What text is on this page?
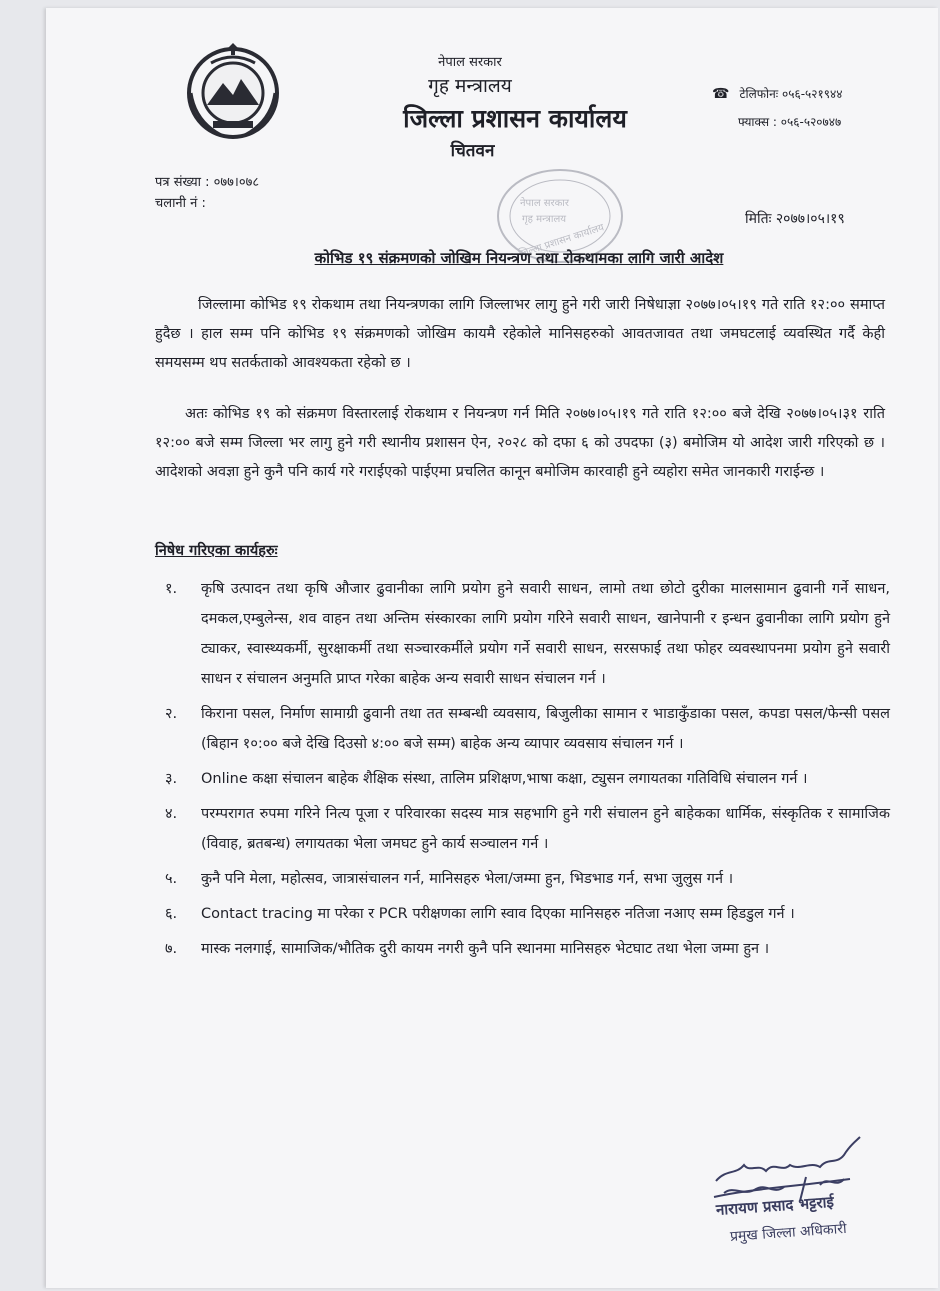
नेपाल सरकार
गृह मन्त्रालय
जिल्ला प्रशासन कार्यालय
चितवन
☎ टेलिफोनः ०५६-५२१९४४
फ्याक्स : ०५६-५२०७४७
पत्र संख्या : ०७७।०७८
चलानी नं :
मितिः २०७७।०५।१९
नेपाल सरकार
गृह मन्त्रालय
जिल्ला प्रशासन कार्यालय
कोभिड १९ संक्रमणको जोखिम नियन्त्रण तथा रोकथामका लागि जारी आदेश
जिल्लामा कोभिड १९ रोकथाम तथा नियन्त्रणका लागि जिल्लाभर लागु हुने गरी जारी निषेधाज्ञा २०७७।०५।१९ गते राति १२:०० समाप्त हुदैछ । हाल सम्म पनि कोभिड १९ संक्रमणको जोखिम कायमै रहेकोले मानिसहरुको आवतजावत तथा जमघटलाई व्यवस्थित गर्दै केही समयसम्म थप सतर्कताको आवश्यकता रहेको छ ।
अतः कोभिड १९ को संक्रमण विस्तारलाई रोकथाम र नियन्त्रण गर्न मिति २०७७।०५।१९ गते राति १२:०० बजे देखि २०७७।०५।३१ राति १२:०० बजे सम्म जिल्ला भर लागु हुने गरी स्थानीय प्रशासन ऐन, २०२८ को दफा ६ को उपदफा (३) बमोजिम यो आदेश जारी गरिएको छ । आदेशको अवज्ञा हुने कुनै पनि कार्य गरे गराईएको पाईएमा प्रचलित कानून बमोजिम कारवाही हुने व्यहोरा समेत जानकारी गराईन्छ ।
निषेध गरिएका कार्यहरुः
१.	कृषि उत्पादन तथा कृषि औजार ढुवानीका लागि प्रयोग हुने सवारी साधन, लामो तथा छोटो दुरीका मालसामान ढुवानी गर्ने साधन, दमकल,एम्बुलेन्स, शव वाहन तथा अन्तिम संस्कारका लागि प्रयोग गरिने सवारी साधन, खानेपानी र इन्धन ढुवानीका लागि प्रयोग हुने ट्याकर, स्वास्थ्यकर्मी, सुरक्षाकर्मी तथा सञ्चारकर्मीले प्रयोग गर्ने सवारी साधन, सरसफाई तथा फोहर व्यवस्थापनमा प्रयोग हुने सवारी साधन र संचालन अनुमति प्राप्त गरेका बाहेक अन्य सवारी साधन संचालन गर्न ।
२.	किराना पसल, निर्माण सामाग्री ढुवानी तथा तत सम्बन्धी व्यवसाय, बिजुलीका सामान र भाडाकुँडाका पसल, कपडा पसल/फेन्सी पसल (बिहान १०:०० बजे देखि दिउसो ४:०० बजे सम्म) बाहेक अन्य व्यापार व्यवसाय संचालन गर्न ।
३.	Online कक्षा संचालन बाहेक शैक्षिक संस्था, तालिम प्रशिक्षण,भाषा कक्षा, ट्युसन लगायतका गतिविधि संचालन गर्न ।
४.	परम्परागत रुपमा गरिने नित्य पूजा र परिवारका सदस्य मात्र सहभागि हुने गरी संचालन हुने बाहेकका धार्मिक, संस्कृतिक र सामाजिक (विवाह, ब्रतबन्ध) लगायतका भेला जमघट हुने कार्य सञ्चालन गर्न ।
५.	कुनै पनि मेला, महोत्सव, जात्रासंचालन गर्न, मानिसहरु भेला/जम्मा हुन, भिडभाड गर्न, सभा जुलुस गर्न ।
६.	Contact tracing मा परेका र PCR परीक्षणका लागि स्वाव दिएका मानिसहरु नतिजा नआए सम्म हिडडुल गर्न ।
७.	मास्क नलगाई, सामाजिक/भौतिक दुरी कायम नगरी कुनै पनि स्थानमा मानिसहरु भेटघाट तथा भेला जम्मा हुन ।
नारायण प्रसाद भट्टराई
प्रमुख जिल्ला अधिकारी
